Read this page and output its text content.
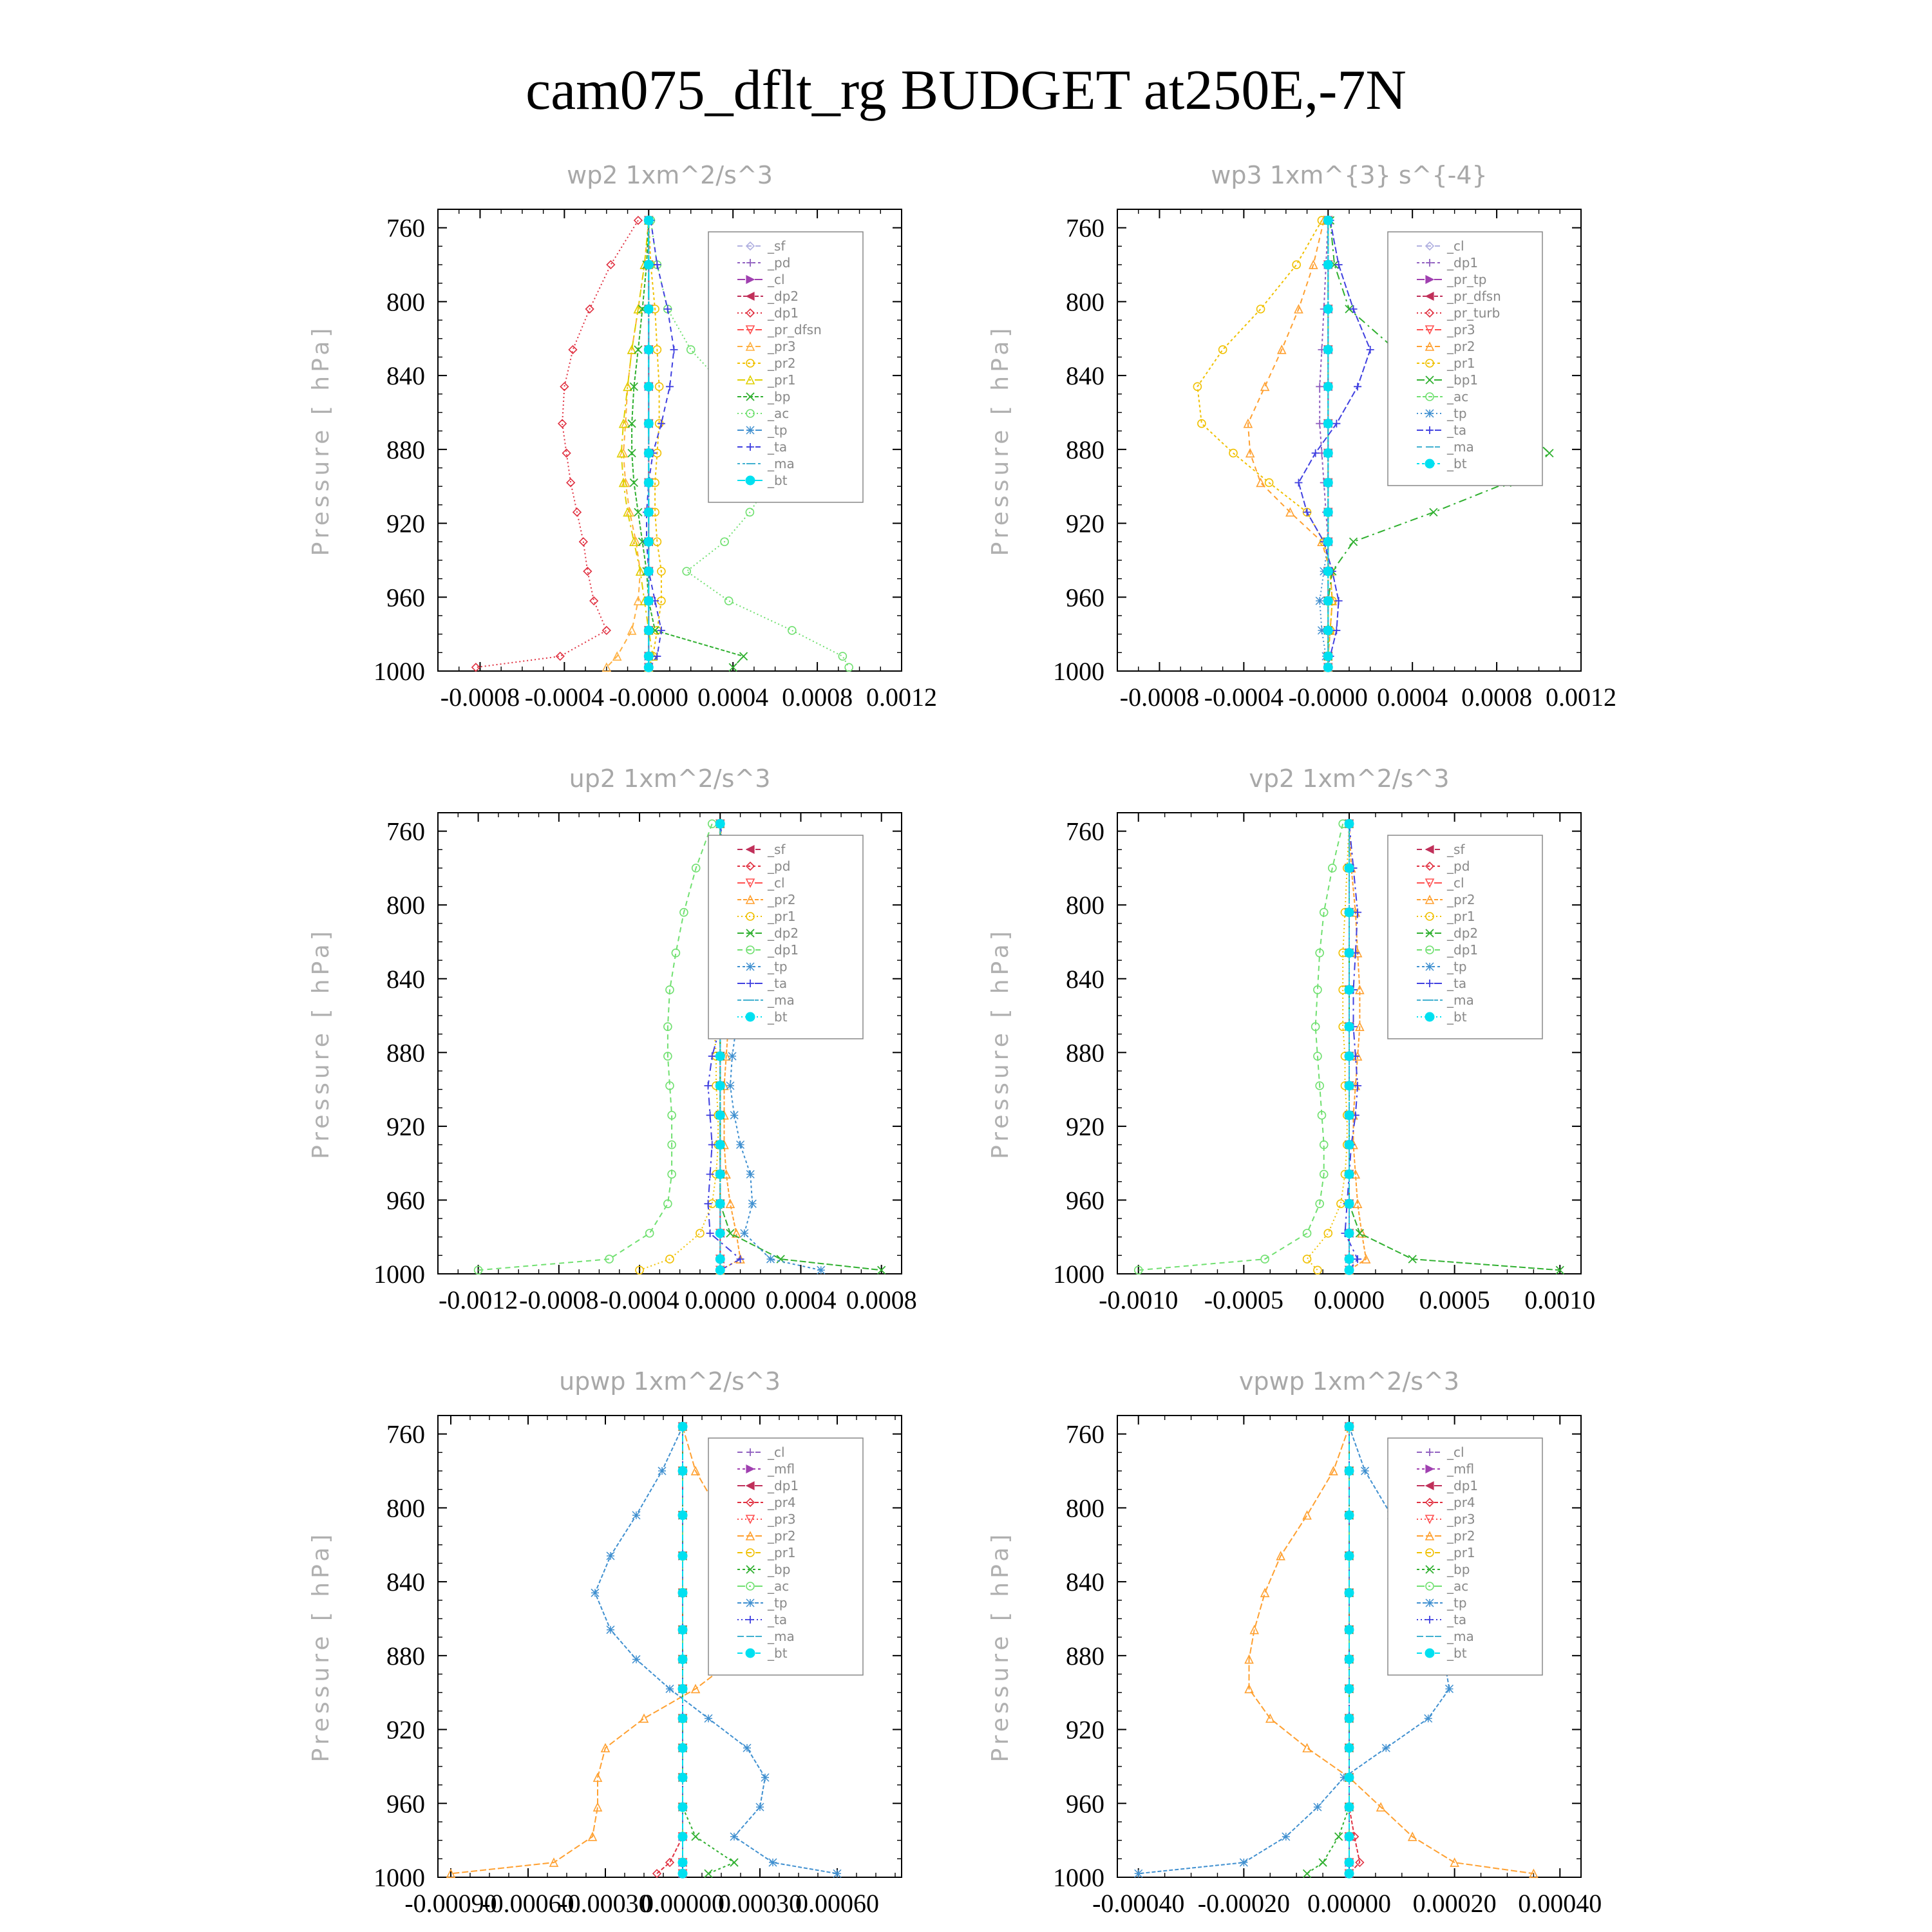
cam075_dflt_rg BUDGET at250E,-7N
wp2 1xm^2/s^3
Pressure [ hPa]
760
800
840
880
920
960
1000
-0.0008 -0.0004 -0.0000 0.0004 0.0008 0.0012
_sf
_pd
_cl
_dp2
_dp1
_pr_dfsn
_pr3
_pr2
_pr1
_bp
_ac
_tp
_ta
_ma
_bt
wp3 1xm^{3} s^{-4}
Pressure [ hPa]
760
800
840
880
920
960
1000
-0.0008 -0.0004 -0.0000 0.0004 0.0008 0.0012
_cl
_dp1
_pr_tp
_pr_dfsn
_pr_turb
_pr3
_pr2
_pr1
_bp1
_ac
_tp
_ta
_ma
_bt
up2 1xm^2/s^3
Pressure [ hPa]
760
800
840
880
920
960
1000
-0.0012 -0.0008 -0.0004 0.0000 0.0004 0.0008
_sf
_pd
_cl
_pr2
_pr1
_dp2
_dp1
_tp
_ta
_ma
_bt
vp2 1xm^2/s^3
Pressure [ hPa]
760
800
840
880
920
960
1000
-0.0010 -0.0005 0.0000 0.0005 0.0010
_sf
_pd
_cl
_pr2
_pr1
_dp2
_dp1
_tp
_ta
_ma
_bt
upwp 1xm^2/s^3
Pressure [ hPa]
760
800
840
880
920
960
1000
-0.00090
-0.00060
-0.00030
0.00000
0.00030
0.00060
_cl
_mfl
_dp1
_pr4
_pr3
_pr2
_pr1
_bp
_ac
_tp
_ta
_ma
_bt
vpwp 1xm^2/s^3
Pressure [ hPa]
760
800
840
880
920
960
1000
-0.00040 -0.00020 0.00000 0.00020 0.00040
_cl
_mfl
_dp1
_pr4
_pr3
_pr2
_pr1
_bp
_ac
_tp
_ta
_ma
_bt
